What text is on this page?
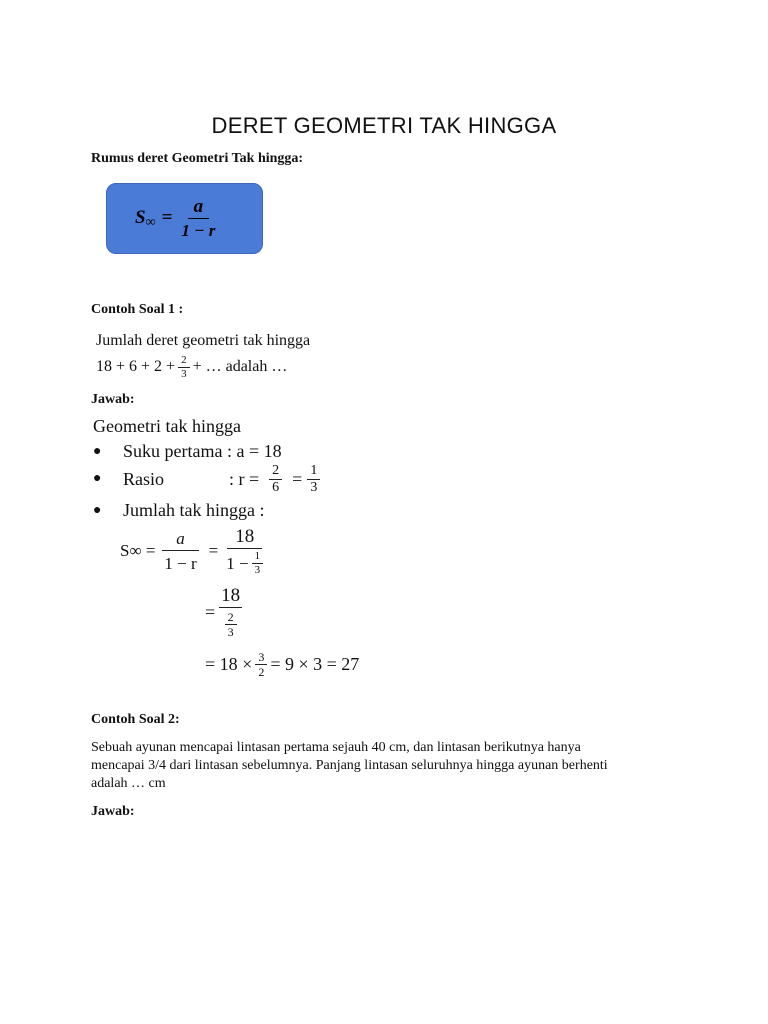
DERET GEOMETRI TAK HINGGA
Rumus deret Geometri Tak hingga:
S ∞ = $\frac{a}{1 - r}$
Contoh Soal 1 :
Jumlah deret geometri tak hingga
$18 + 6 + 2 + \frac{2}{3}$ + … adalah …
Jawab:
Geometri tak hingga
●	Suku pertama : a = 18
●	Rasio	: $r = \frac{2}{6} = \frac{1}{3}$
●	Jumlah tak hingga :
$S\infty = \frac{a}{1 - r} = \frac{18}{1 - \frac{1}{3}}$
= $\frac{18}{\frac{2}{3}}$
= $18 \times \frac{3}{2} = 9 \times 3 = 27$
Contoh Soal 2:
Sebuah ayunan mencapai lintasan pertama sejauh 40 cm, dan lintasan berikutnya hanya
mencapai 3/4 dari lintasan sebelumnya. Panjang lintasan seluruhnya hingga ayunan berhenti
adalah … cm
Jawab:
